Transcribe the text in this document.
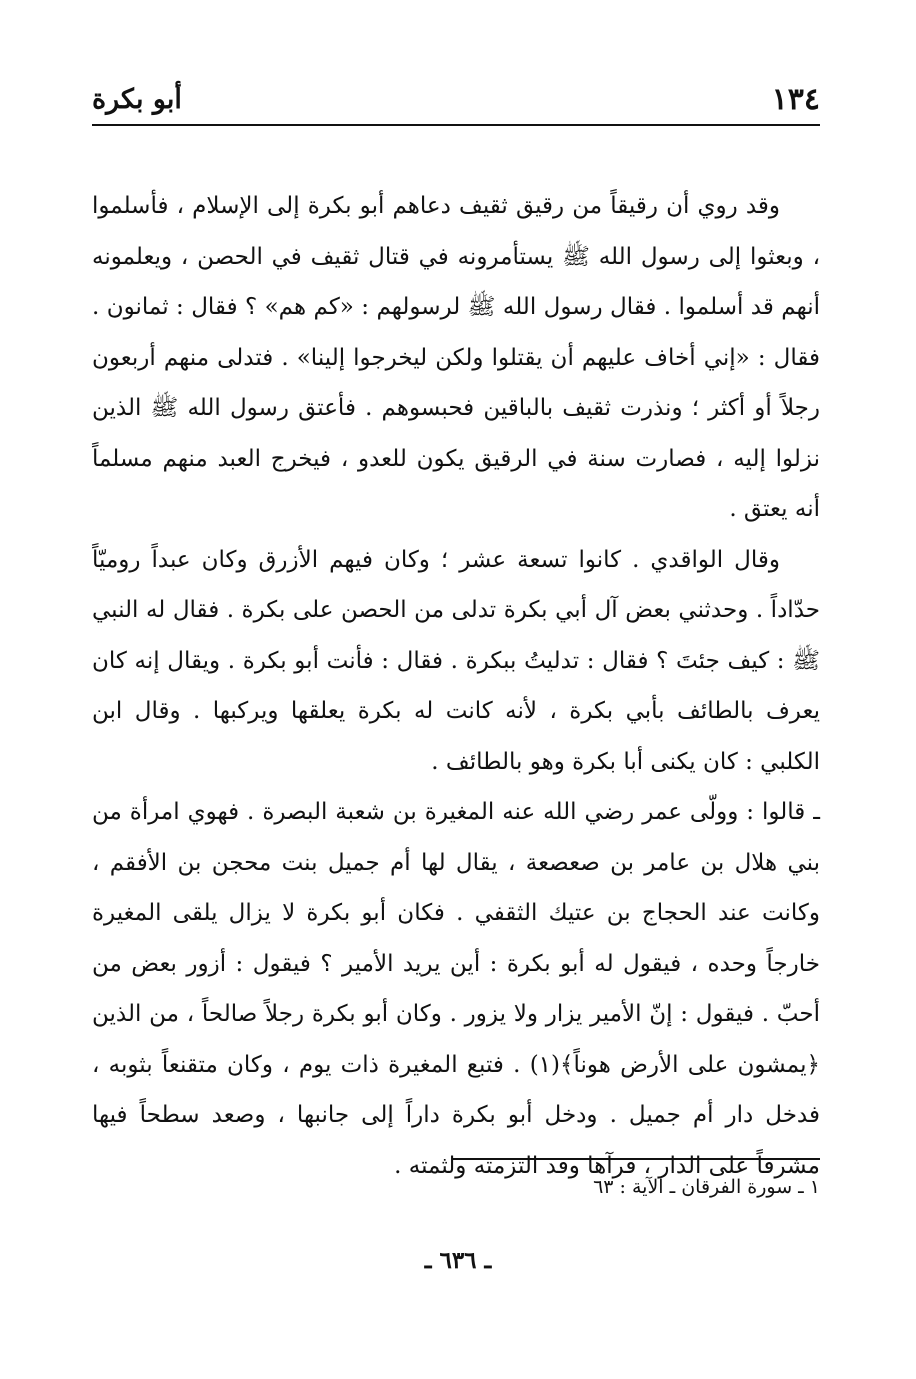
١٣٤
أبو بكرة

وقد روي أن رقيقاً من رقيق ثقيف دعاهم أبو بكرة إلى الإسلام ، فأسلموا ، وبعثوا إلى رسول الله ﷺ يستأمرونه في قتال ثقيف في الحصن ، ويعلمونه أنهم قد أسلموا . فقال رسول الله ﷺ لرسولهم : «كم هم» ؟ فقال : ثمانون . فقال : «إني أخاف عليهم أن يقتلوا ولكن ليخرجوا إلينا» . فتدلى منهم أربعون رجلاً أو أكثر ؛ ونذرت ثقيف بالباقين فحبسوهم . فأعتق رسول الله ﷺ الذين نزلوا إليه ، فصارت سنة في الرقيق يكون للعدو ، فيخرج العبد منهم مسلماً أنه يعتق .

وقال الواقدي . كانوا تسعة عشر ؛ وكان فيهم الأزرق وكان عبداً روميّاً حدّاداً . وحدثني بعض آل أبي بكرة تدلى من الحصن على بكرة . فقال له النبي ﷺ : كيف جئتَ ؟ فقال : تدليتُ ببكرة . فقال : فأنت أبو بكرة . ويقال إنه كان يعرف بالطائف بأبي بكرة ، لأنه كانت له بكرة يعلقها ويركبها . وقال ابن الكلبي : كان يكنى أبا بكرة وهو بالطائف .

ـ قالوا : وولّى عمر رضي الله عنه المغيرة بن شعبة البصرة . فهوي امرأة من بني هلال بن عامر بن صعصعة ، يقال لها أم جميل بنت محجن بن الأفقم ، وكانت عند الحجاج بن عتيك الثقفي . فكان أبو بكرة لا يزال يلقى المغيرة خارجاً وحده ، فيقول له أبو بكرة : أين يريد الأمير ؟ فيقول : أزور بعض من أحبّ . فيقول : إنّ الأمير يزار ولا يزور . وكان أبو بكرة رجلاً صالحاً ، من الذين ﴿يمشون على الأرض هوناً﴾(١) . فتبع المغيرة ذات يوم ، وكان متقنعاً بثوبه ، فدخل دار أم جميل . ودخل أبو بكرة داراً إلى جانبها ، وصعد سطحاً فيها مشرفاً على الدار ، فرآها وقد التزمته ولثمته .

١ ـ سورة الفرقان ـ الآية : ٦٣
ـ ٦٣٦ ـ
